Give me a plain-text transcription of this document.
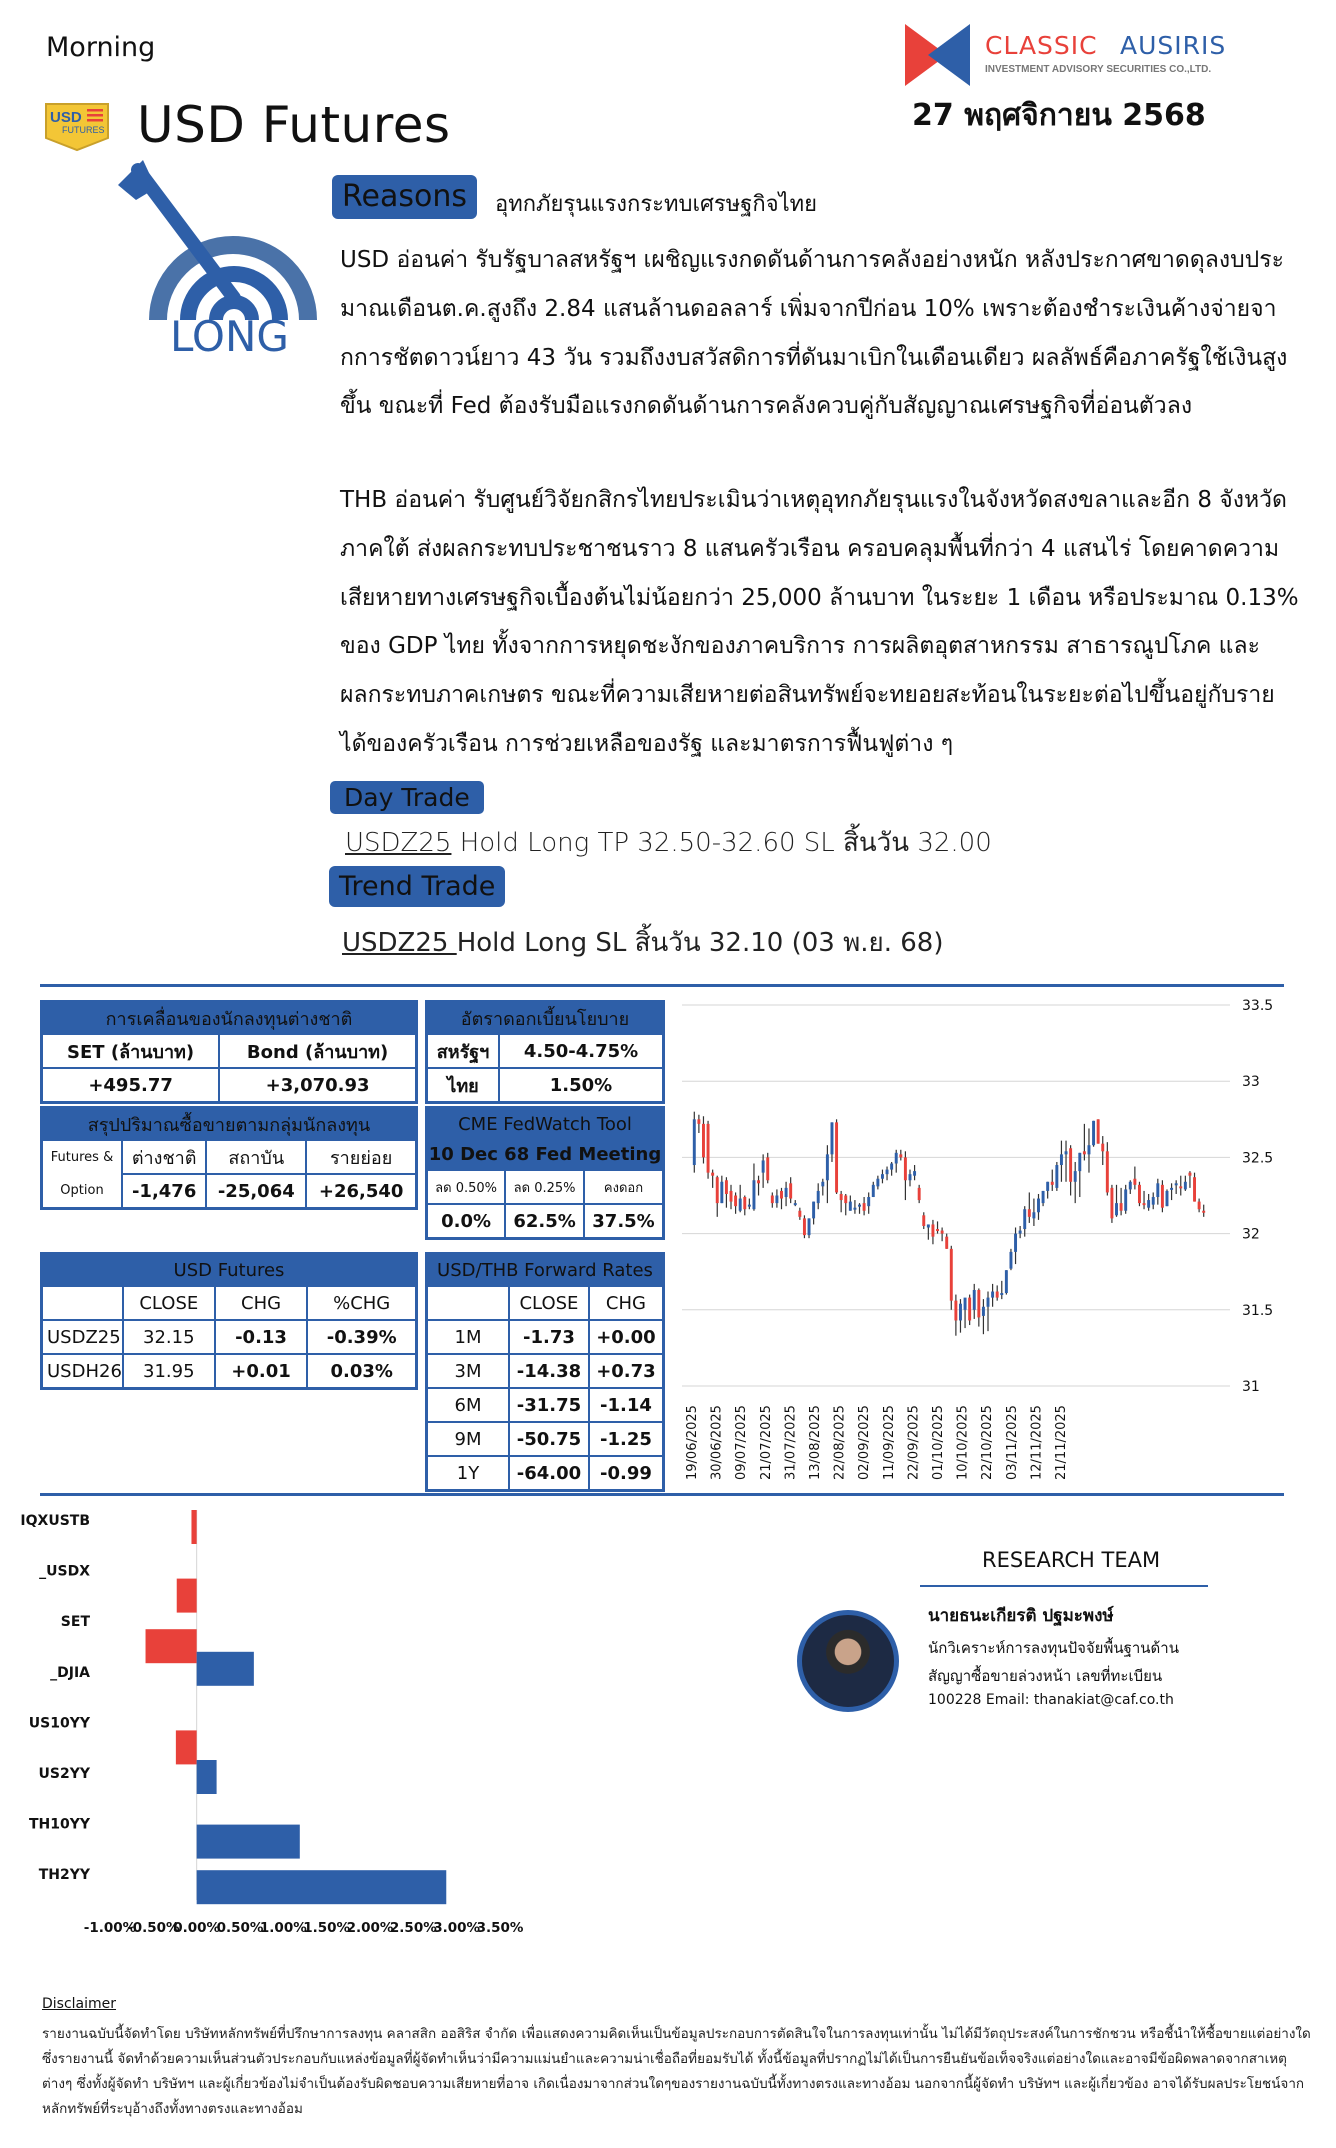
Morning
USD
FUTURES USD Futures
CLASSIC AUSIRIS
INVESTMENT ADVISORY SECURITIES CO.,LTD.
27 พฤศจิกายน 2568
LONG
Reasons	อุทกภัยรุนแรงกระทบเศรษฐกิจไทย
USD อ่อนค่า รับรัฐบาลสหรัฐฯ เผชิญแรงกดดันด้านการคลังอย่างหนัก หลังประกาศขาดดุลงบประมาณเดือนต.ค.สูงถึง 2.84 แสนล้านดอลลาร์ เพิ่มจากปีก่อน 10% เพราะต้องชำระเงินค้างจ่ายจากการชัตดาวน์ยาว 43 วัน รวมถึงงบสวัสดิการที่ดันมาเบิกในเดือนเดียว ผลลัพธ์คือภาครัฐใช้เงินสูงขึ้น ขณะที่ Fed ต้องรับมือแรงกดดันด้านการคลังควบคู่กับสัญญาณเศรษฐกิจที่อ่อนตัวลง
THB อ่อนค่า รับศูนย์วิจัยกสิกรไทยประเมินว่าเหตุอุทกภัยรุนแรงในจังหวัดสงขลาและอีก 8 จังหวัดภาคใต้ ส่งผลกระทบประชาชนราว 8 แสนครัวเรือน ครอบคลุมพื้นที่กว่า 4 แสนไร่ โดยคาดความเสียหายทางเศรษฐกิจเบื้องต้นไม่น้อยกว่า 25,000 ล้านบาท ในระยะ 1 เดือน หรือประมาณ 0.13% ของ GDP ไทย ทั้งจากการหยุดชะงักของภาคบริการ การผลิตอุตสาหกรรม สาธารณูปโภค และผลกระทบภาคเกษตร ขณะที่ความเสียหายต่อสินทรัพย์จะทยอยสะท้อนในระยะต่อไปขึ้นอยู่กับรายได้ของครัวเรือน การช่วยเหลือของรัฐ และมาตรการฟื้นฟูต่าง ๆ
Day Trade
USDZ25 Hold Long TP 32.50-32.60 SL สิ้นวัน 32.00
Trend Trade
USDZ25 Hold Long SL สิ้นวัน 32.10 (03 พ.ย. 68)
การเคลื่อนของนักลงทุนต่างชาติ	
SET (ล้านบาท)	Bond (ล้านบาท)
+495.77	+3,070.93
อัตราดอกเบี้ยนโยบาย	
สหรัฐฯ	4.50-4.75%
ไทย	1.50%
สรุปปริมาณซื้อขายตามกลุ่มนักลงทุน			
Futures &	ต่างชาติ	สถาบัน	รายย่อย
Option	-1,476	-25,064	+26,540
CME FedWatch Tool		
10 Dec 68 Fed Meeting		
ลด 0.50%	ลด 0.25%	คงดอก
0.0%	62.5%	37.5%
USD Futures			
	CLOSE	CHG	%CHG
USDZ25	32.15	-0.13	-0.39%
USDH26	31.95	+0.01	0.03%
USD/THB Forward Rates		
	CLOSE	CHG
1M	-1.73	+0.00
3M	-14.38	+0.73
6M	-31.75	-1.14
9M	-50.75	-1.25
1Y	-64.00	-0.99
33.5
33
32.5
32
31.5
31
19/06/2025 30/06/2025 09/07/2025 21/07/2025 31/07/2025 13/08/2025 22/08/2025 02/09/2025 11/09/2025 22/09/2025 01/10/2025 10/10/2025 22/10/2025 03/11/2025 12/11/2025 21/11/2025
IQXUSTB
_USDX
SET
_DJIA
US10YY
US2YY
TH10YY
TH2YY
-1.00%
-0.50%
0.00%
0.50%
1.00%
1.50%
2.00%
2.50%
3.00%
3.50%
RESEARCH TEAM
นายธนะเกียรติ ปฐมะพงษ์
นักวิเคราะห์การลงทุนปัจจัยพื้นฐานด้าน
สัญญาซื้อขายล่วงหน้า เลขที่ทะเบียน
100228 Email: thanakiat@caf.co.th
Disclaimer
รายงานฉบับนี้จัดทำโดย บริษัทหลักทรัพย์ที่ปรึกษาการลงทุน คลาสสิก ออสิริส จำกัด เพื่อแสดงความคิดเห็นเป็นข้อมูลประกอบการตัดสินใจในการลงทุนเท่านั้น ไม่ได้มีวัตถุประสงค์ในการชักชวน หรือชี้นำให้ซื้อขายแต่อย่างใด ซึ่งรายงานนี้ จัดทำด้วยความเห็นส่วนตัวประกอบกับแหล่งข้อมูลที่ผู้จัดทำเห็นว่ามีความแม่นยำและความน่าเชื่อถือที่ยอมรับได้ ทั้งนี้ข้อมูลที่ปรากฏไม่ได้เป็นการยืนยันข้อเท็จจริงแต่อย่างใดและอาจมีข้อผิดพลาดจากสาเหตุต่างๆ ซึ่งทั้งผู้จัดทำ บริษัทฯ และผู้เกี่ยวข้องไม่จำเป็นต้องรับผิดชอบความเสียหายที่อาจ เกิดเนื่องมาจากส่วนใดๆของรายงานฉบับนี้ทั้งทางตรงและทางอ้อม นอกจากนี้ผู้จัดทำ บริษัทฯ และผู้เกี่ยวข้อง อาจได้รับผลประโยชน์จากหลักทรัพย์ที่ระบุอ้างถึงทั้งทางตรงและทางอ้อม
